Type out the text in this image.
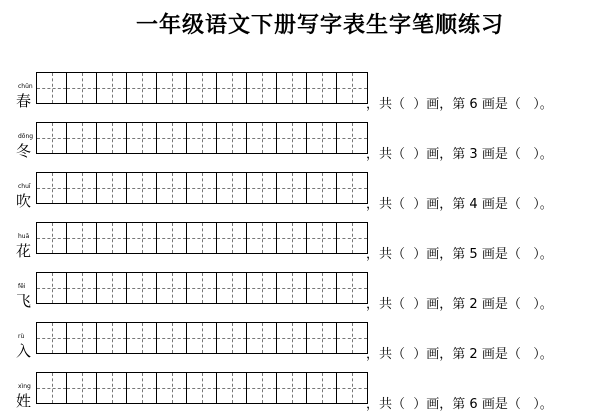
一年级语文下册写字表生字笔顺练习
chūn
春	，共（  ）画，第 6 画是（   ）。
dōng
冬	，共（  ）画，第 3 画是（   ）。
chuī
吹	，共（  ）画，第 4 画是（   ）。
huā
花	，共（  ）画，第 5 画是（   ）。
fēi
飞	，共（  ）画，第 2 画是（   ）。
rù
入	，共（  ）画，第 2 画是（   ）。
xìng
姓	，共（  ）画，第 6 画是（   ）。
